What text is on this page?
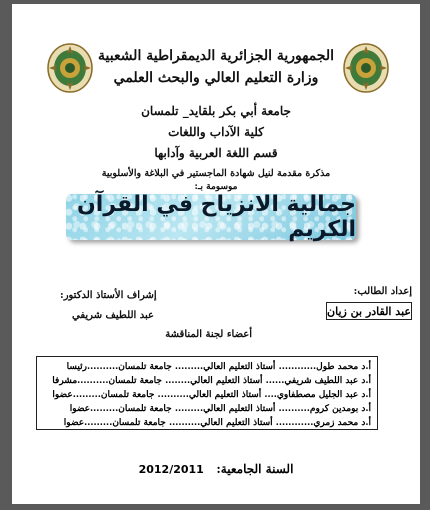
الجمهورية الجزائرية الديمقراطية الشعبية
وزارة التعليم العالي والبحث العلمي
جامعة أبي بكر بلقايد_ تلمسان
كلية الآداب واللغات
قسم اللغة العربية وآدابها
مذكرة مقدمة لنيل شهادة الماجستير في البلاغة والأسلوبية
موسومة بـ:
جمالية الانزياح في القرآن الكريم
إعداد الطالب:
عبد القادر بن زيان
إشراف الأستاذ الدكتور:
عبد اللطيف شريفي
أعضاء لجنة المناقشة
أ.د محمد طول............ أستاذ التعليم العالي......... جامعة تلمسان..........رئيسا
أ.د عبد اللطيف شريفي...... أستاذ التعليم العالي........ جامعة تلمسان..........مشرفا
أ.د عبد الجليل مصطفاوي.... أستاذ التعليم العالي.......... جامعة تلمسان.........عضوا
أ.د بومدين كروم.......... أستاذ التعليم العالي......... جامعة تلمسان.........عضوا
أ.د محمد زمري............ أستاذ التعليم العالي.......... جامعة تلمسان.........عضوا
السنة الجامعية:   2012/2011
